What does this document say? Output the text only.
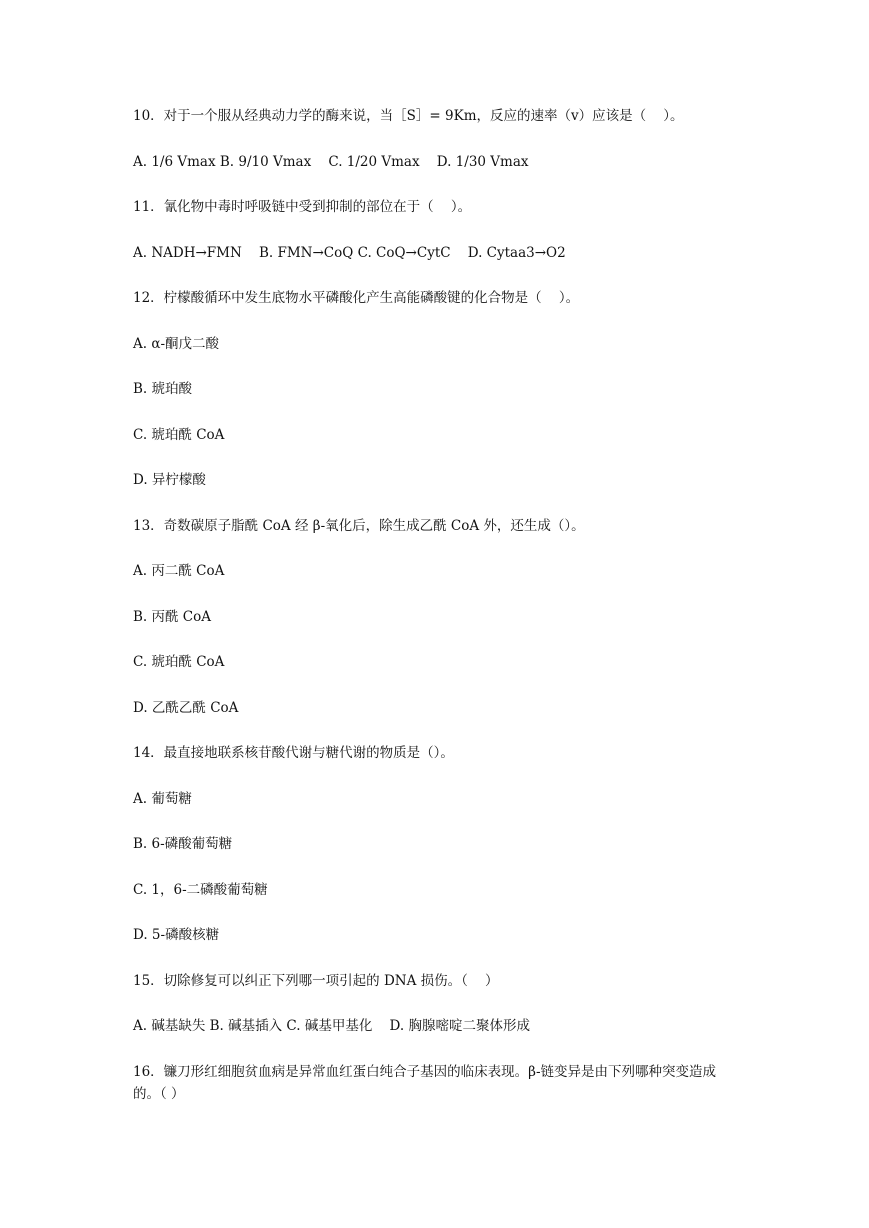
10．对于一个服从经典动力学的酶来说，当［S］= 9Km，反应的速率（v）应该是（    ）。
A. 1/6 Vmax B. 9/10 Vmax    C. 1/20 Vmax    D. 1/30 Vmax
11．氰化物中毒时呼吸链中受到抑制的部位在于（    ）。
A. NADH→FMN    B. FMN→CoQ C. CoQ→CytC    D. Cytaa3→O2
12．柠檬酸循环中发生底物水平磷酸化产生高能磷酸键的化合物是（    ）。
A. α-酮戊二酸
B. 琥珀酸
C. 琥珀酰 CoA
D. 异柠檬酸
13．奇数碳原子脂酰 CoA 经 β-氧化后，除生成乙酰 CoA 外，还生成（）。
A. 丙二酰 CoA
B. 丙酰 CoA
C. 琥珀酰 CoA
D. 乙酰乙酰 CoA
14．最直接地联系核苷酸代谢与糖代谢的物质是（）。
A. 葡萄糖
B. 6-磷酸葡萄糖
C. 1，6-二磷酸葡萄糖
D. 5-磷酸核糖
15．切除修复可以纠正下列哪一项引起的 DNA 损伤。（    ）
A. 碱基缺失 B. 碱基插入 C. 碱基甲基化    D. 胸腺嘧啶二聚体形成
16．镰刀形红细胞贫血病是异常血红蛋白纯合子基因的临床表现。β-链变异是由下列哪种突变造成的。（ ）
